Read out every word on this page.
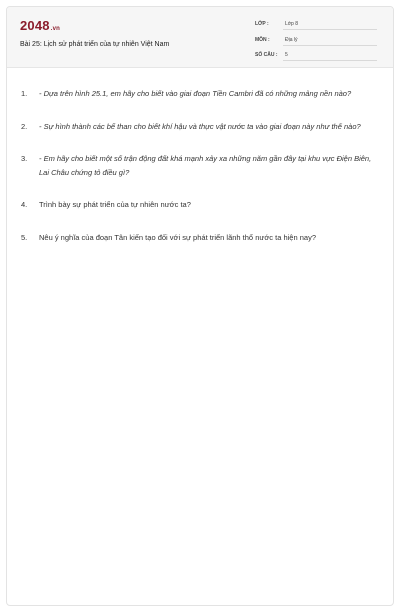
2048.vn
Bài 25: Lịch sử phát triển của tự nhiên Việt Nam
LỚP :	Lớp 8
MÔN :	Địa lý
SỐ CÂU : 5
1.	- Dựa trên hình 25.1, em hãy cho biết vào giai đoạn Tiền Cambri đã có những mảng nền nào?
2.	- Sự hình thành các bể than cho biết khí hậu và thực vật nước ta vào giai đoạn này như thế nào?
3.	- Em hãy cho biết một số trận động đất khá mạnh xảy xa những năm gần đây tại khu vực Điện Biên, Lai Châu chứng tỏ điều gì?
4.	Trình bày sự phát triển của tự nhiên nước ta?
5.	Nêu ý nghĩa của đoạn Tân kiến tạo đối với sự phát triển lãnh thổ nước ta hiện nay?
